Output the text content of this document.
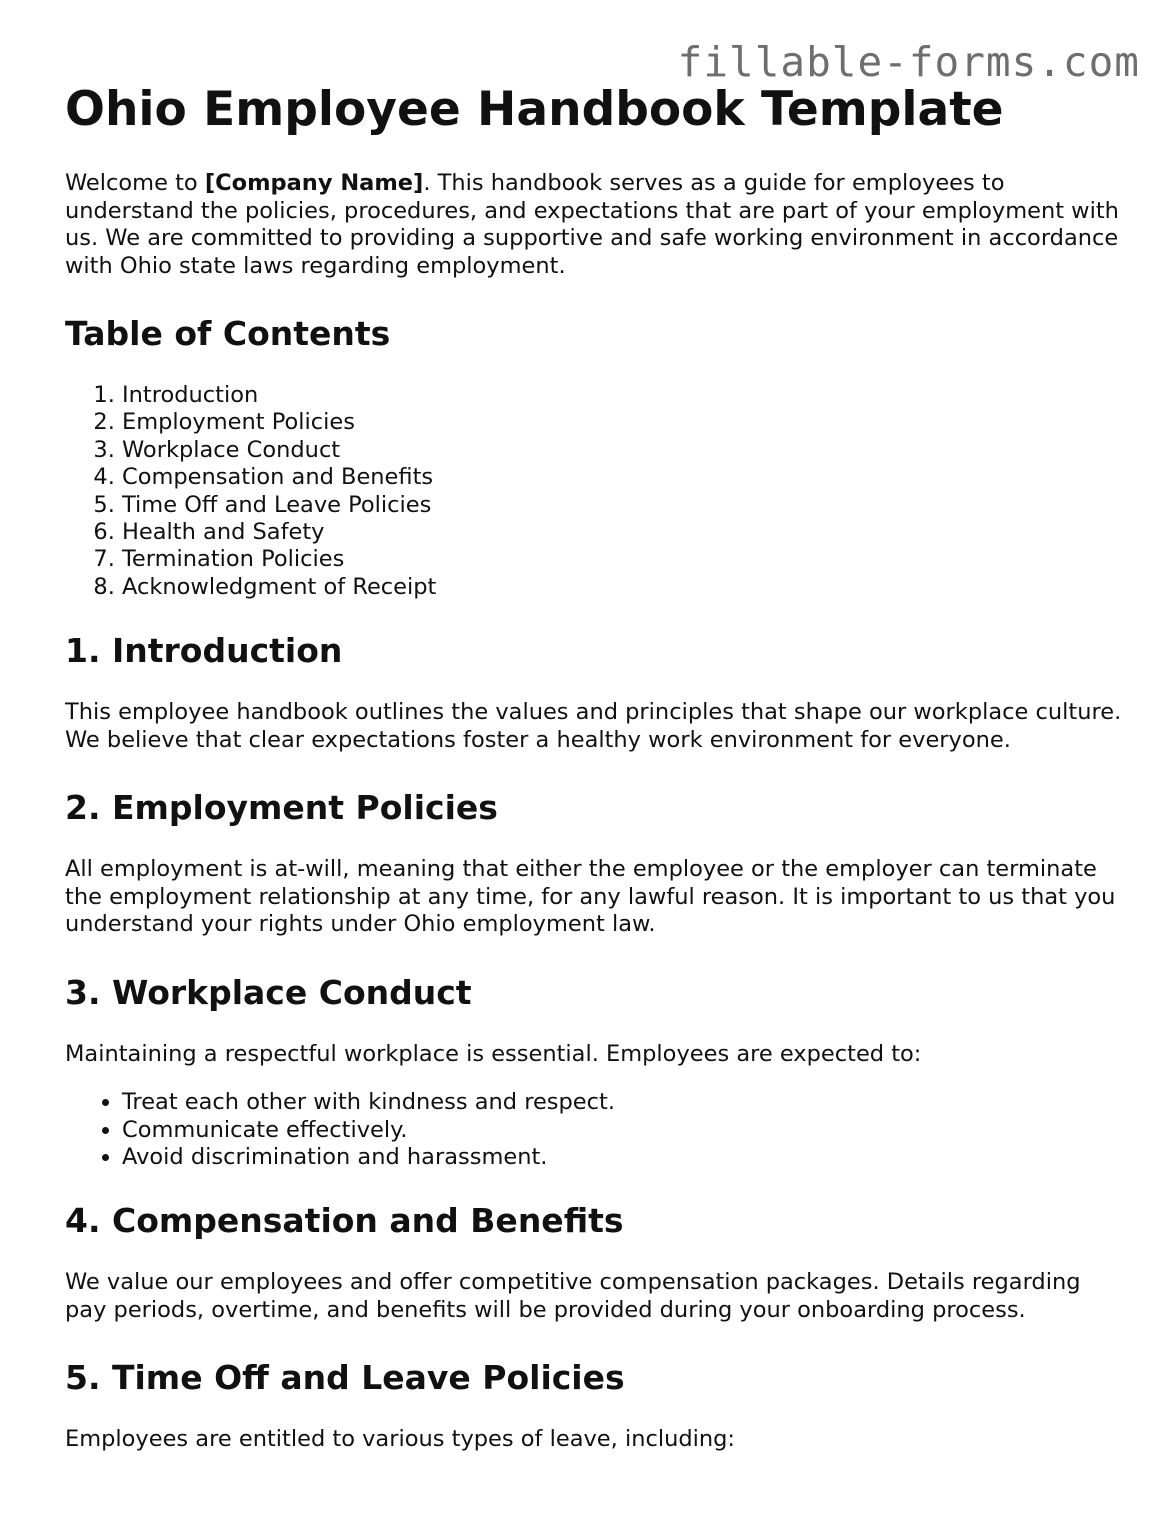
fillable-forms.com
Ohio Employee Handbook Template

Welcome to [Company Name]. This handbook serves as a guide for employees to understand the policies, procedures, and expectations that are part of your employment with us. We are committed to providing a supportive and safe working environment in accordance with Ohio state laws regarding employment.

Table of Contents
1. Introduction
2. Employment Policies
3. Workplace Conduct
4. Compensation and Benefits
5. Time Off and Leave Policies
6. Health and Safety
7. Termination Policies
8. Acknowledgment of Receipt
1. Introduction

This employee handbook outlines the values and principles that shape our workplace culture. We believe that clear expectations foster a healthy work environment for everyone.

2. Employment Policies

All employment is at-will, meaning that either the employee or the employer can terminate the employment relationship at any time, for any lawful reason. It is important to us that you understand your rights under Ohio employment law.

3. Workplace Conduct

Maintaining a respectful workplace is essential. Employees are expected to:

• Treat each other with kindness and respect.
• Communicate effectively.
• Avoid discrimination and harassment.
4. Compensation and Benefits

We value our employees and offer competitive compensation packages. Details regarding pay periods, overtime, and benefits will be provided during your onboarding process.

5. Time Off and Leave Policies

Employees are entitled to various types of leave, including:
